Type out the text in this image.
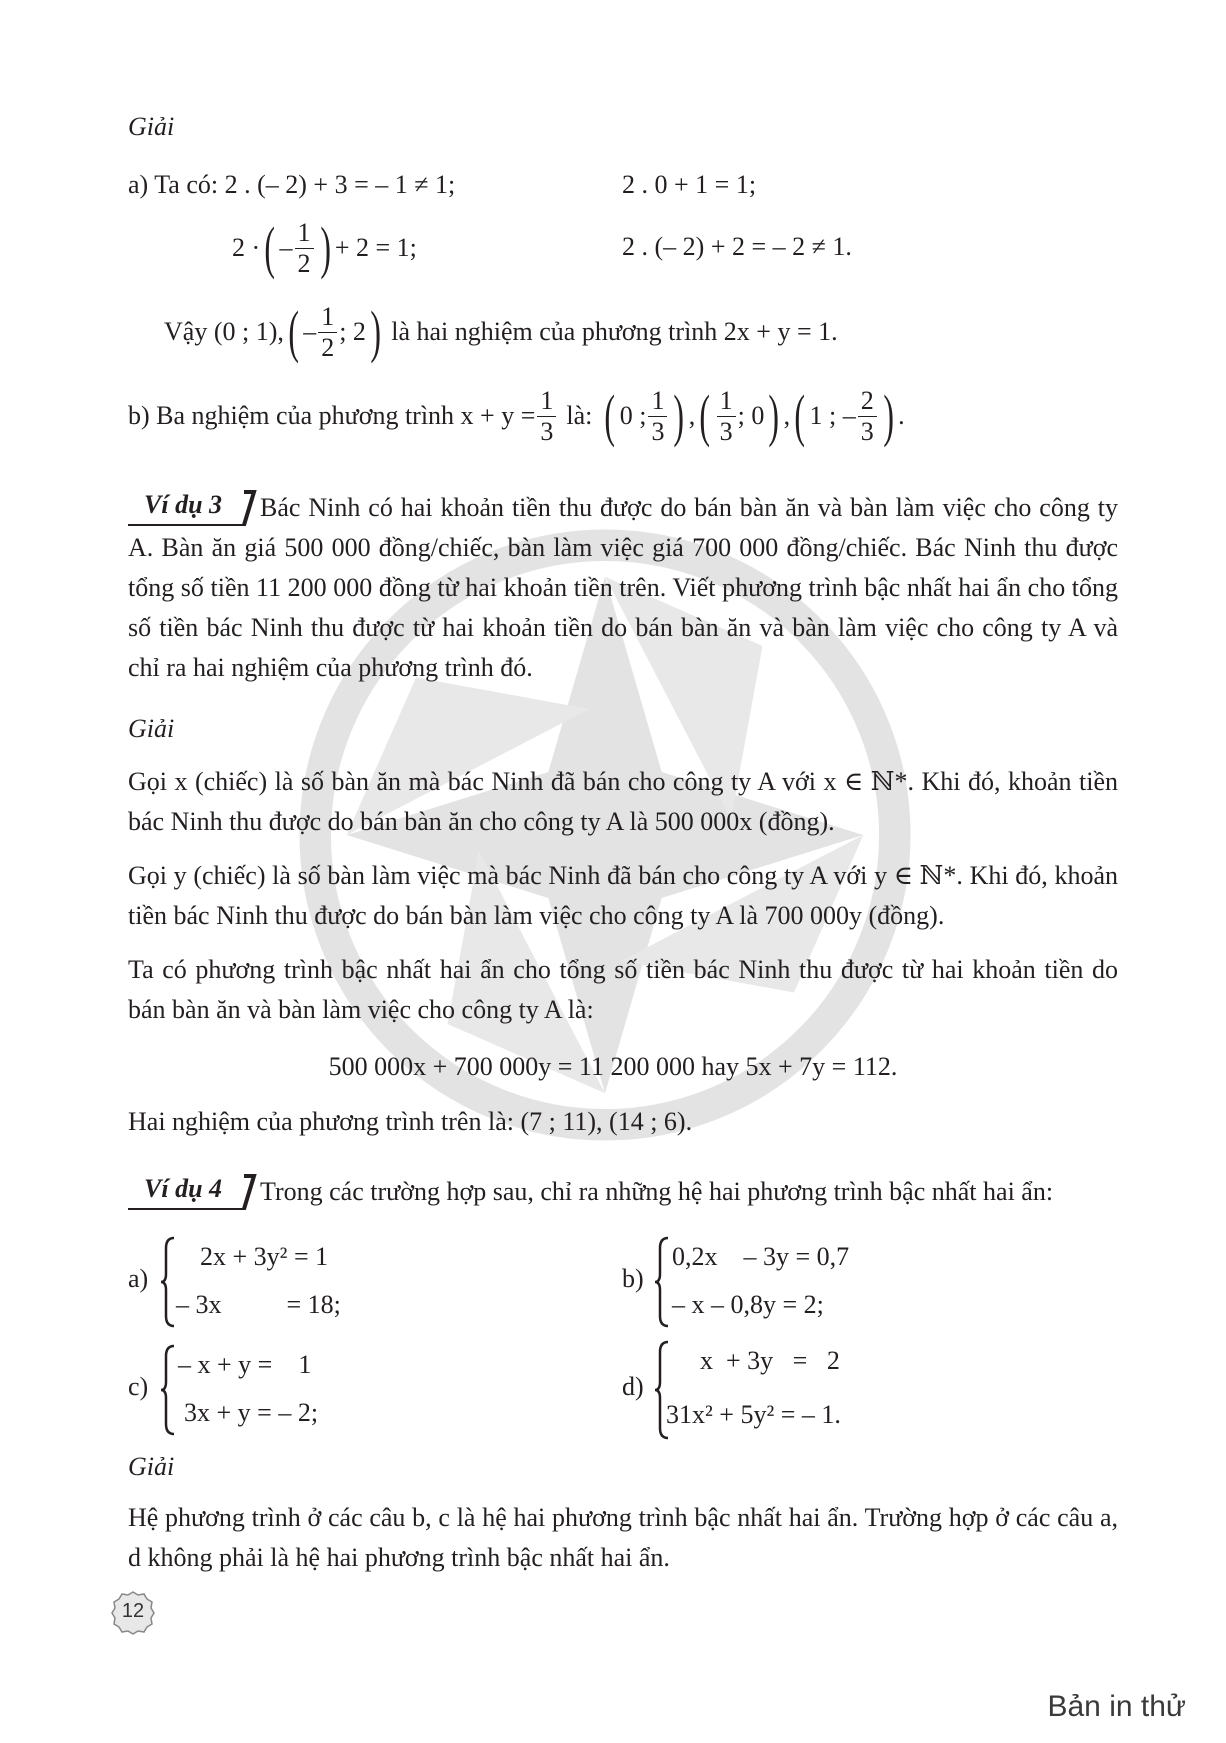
Giải
a) Ta có: 2 . (– 2) + 3 = – 1 ≠ 1;	2 . 0 + 1 = 1;
2 · ( – $\frac{1}{2}$ ) + 2 = 1;	2 . (– 2) + 2 = – 2 ≠ 1.
Vậy (0 ; 1), ( – $\frac{1}{2}$ ; 2 ) là hai nghiệm của phương trình 2x + y = 1.
b) Ba nghiệm của phương trình $x + y = \frac{1}{3}$ là: ( 0 ; $\frac{1}{3}$ ) , ( $\frac{1}{3}$ ; 0 ) , ( 1 ; – $\frac{2}{3}$ ) .
Ví dụ 3	Bác Ninh có hai khoản tiền thu được do bán bàn ăn và bàn làm việc cho công ty A. Bàn ăn giá 500 000 đồng/chiếc, bàn làm việc giá 700 000 đồng/chiếc. Bác Ninh thu được tổng số tiền 11 200 000 đồng từ hai khoản tiền trên. Viết phương trình bậc nhất hai ẩn cho tổng số tiền bác Ninh thu được từ hai khoản tiền do bán bàn ăn và bàn làm việc cho công ty A và chỉ ra hai nghiệm của phương trình đó.
Giải
Gọi x (chiếc) là số bàn ăn mà bác Ninh đã bán cho công ty A với x ∈ ℕ*. Khi đó, khoản tiền bác Ninh thu được do bán bàn ăn cho công ty A là 500 000x (đồng).
Gọi y (chiếc) là số bàn làm việc mà bác Ninh đã bán cho công ty A với y ∈ ℕ*. Khi đó, khoản tiền bác Ninh thu được do bán bàn làm việc cho công ty A là 700 000y (đồng).
Ta có phương trình bậc nhất hai ẩn cho tổng số tiền bác Ninh thu được từ hai khoản tiền do bán bàn ăn và bàn làm việc cho công ty A là:
500 000x + 700 000y = 11 200 000 hay 5x + 7y = 112.
Hai nghiệm của phương trình trên là: (7 ; 11), (14 ; 6).
Ví dụ 4	Trong các trường hợp sau, chỉ ra những hệ hai phương trình bậc nhất hai ẩn:
a)
2x + 3y² = 1
– 3x          = 18;
b)
0,2x    – 3y = 0,7
– x – 0,8y = 2;
c)
– x + y =    1
3x + y = – 2;
d)
x  + 3y   =   2
31x² + 5y² = – 1.
Giải
Hệ phương trình ở các câu b, c là hệ hai phương trình bậc nhất hai ẩn. Trường hợp ở các câu a, d không phải là hệ hai phương trình bậc nhất hai ẩn.
12
Bản in thử
